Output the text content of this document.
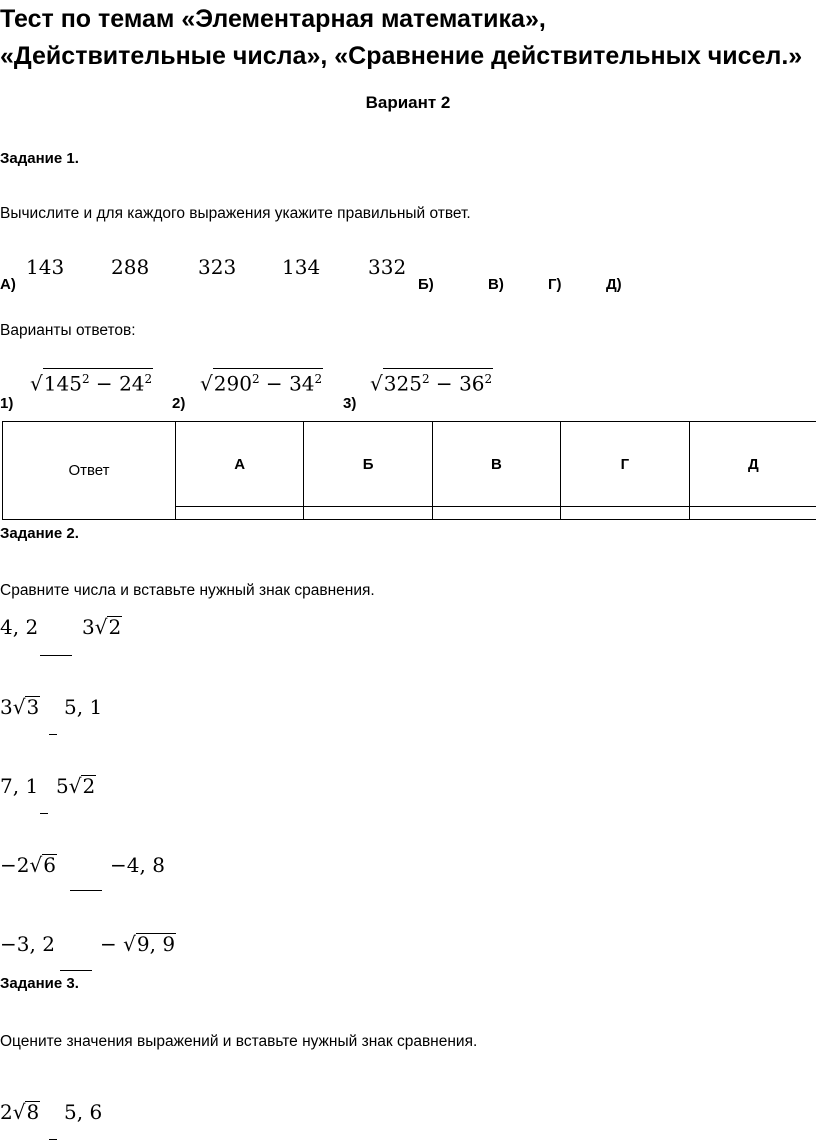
Тест по темам «Элементарная математика»,
«Действительные числа», «Сравнение действительных чисел.»
Вариант 2
Задание 1.
Вычислите и для каждого выражения укажите правильный ответ.
143 288 323 134 332
А)	Б)	В)	Г)	Д)
Варианты ответов:
$√145^2 - 24^2$ $√290^2 - 34^2$ $√325^2 - 36^2$
1)	2)	3)
Ответ	А	Б	В	Г	Д

Задание 2.
Сравните числа и вставьте нужный знак сравнения.
4, 2 3√2
3√3 5, 1
7, 1 5√2
−2√6	−4, 8
−3, 2 − √9, 9
Задание 3.
Оцените значения выражений и вставьте нужный знак сравнения.
2√8 5, 6
